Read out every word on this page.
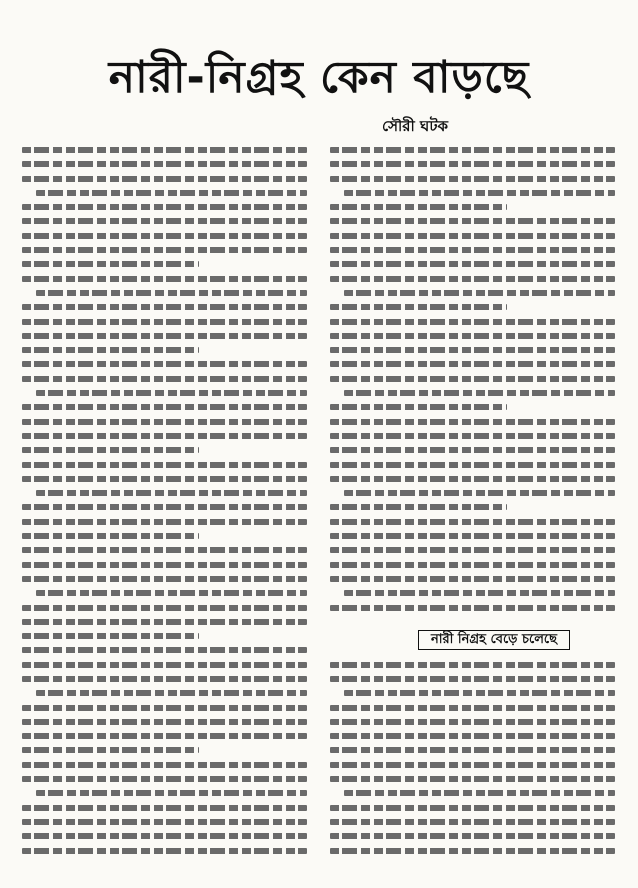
নারী-নিগ্রহ কেন বাড়ছে

সৌরী ঘটক

নারী নিগ্রহ বেড়ে চলেছে
